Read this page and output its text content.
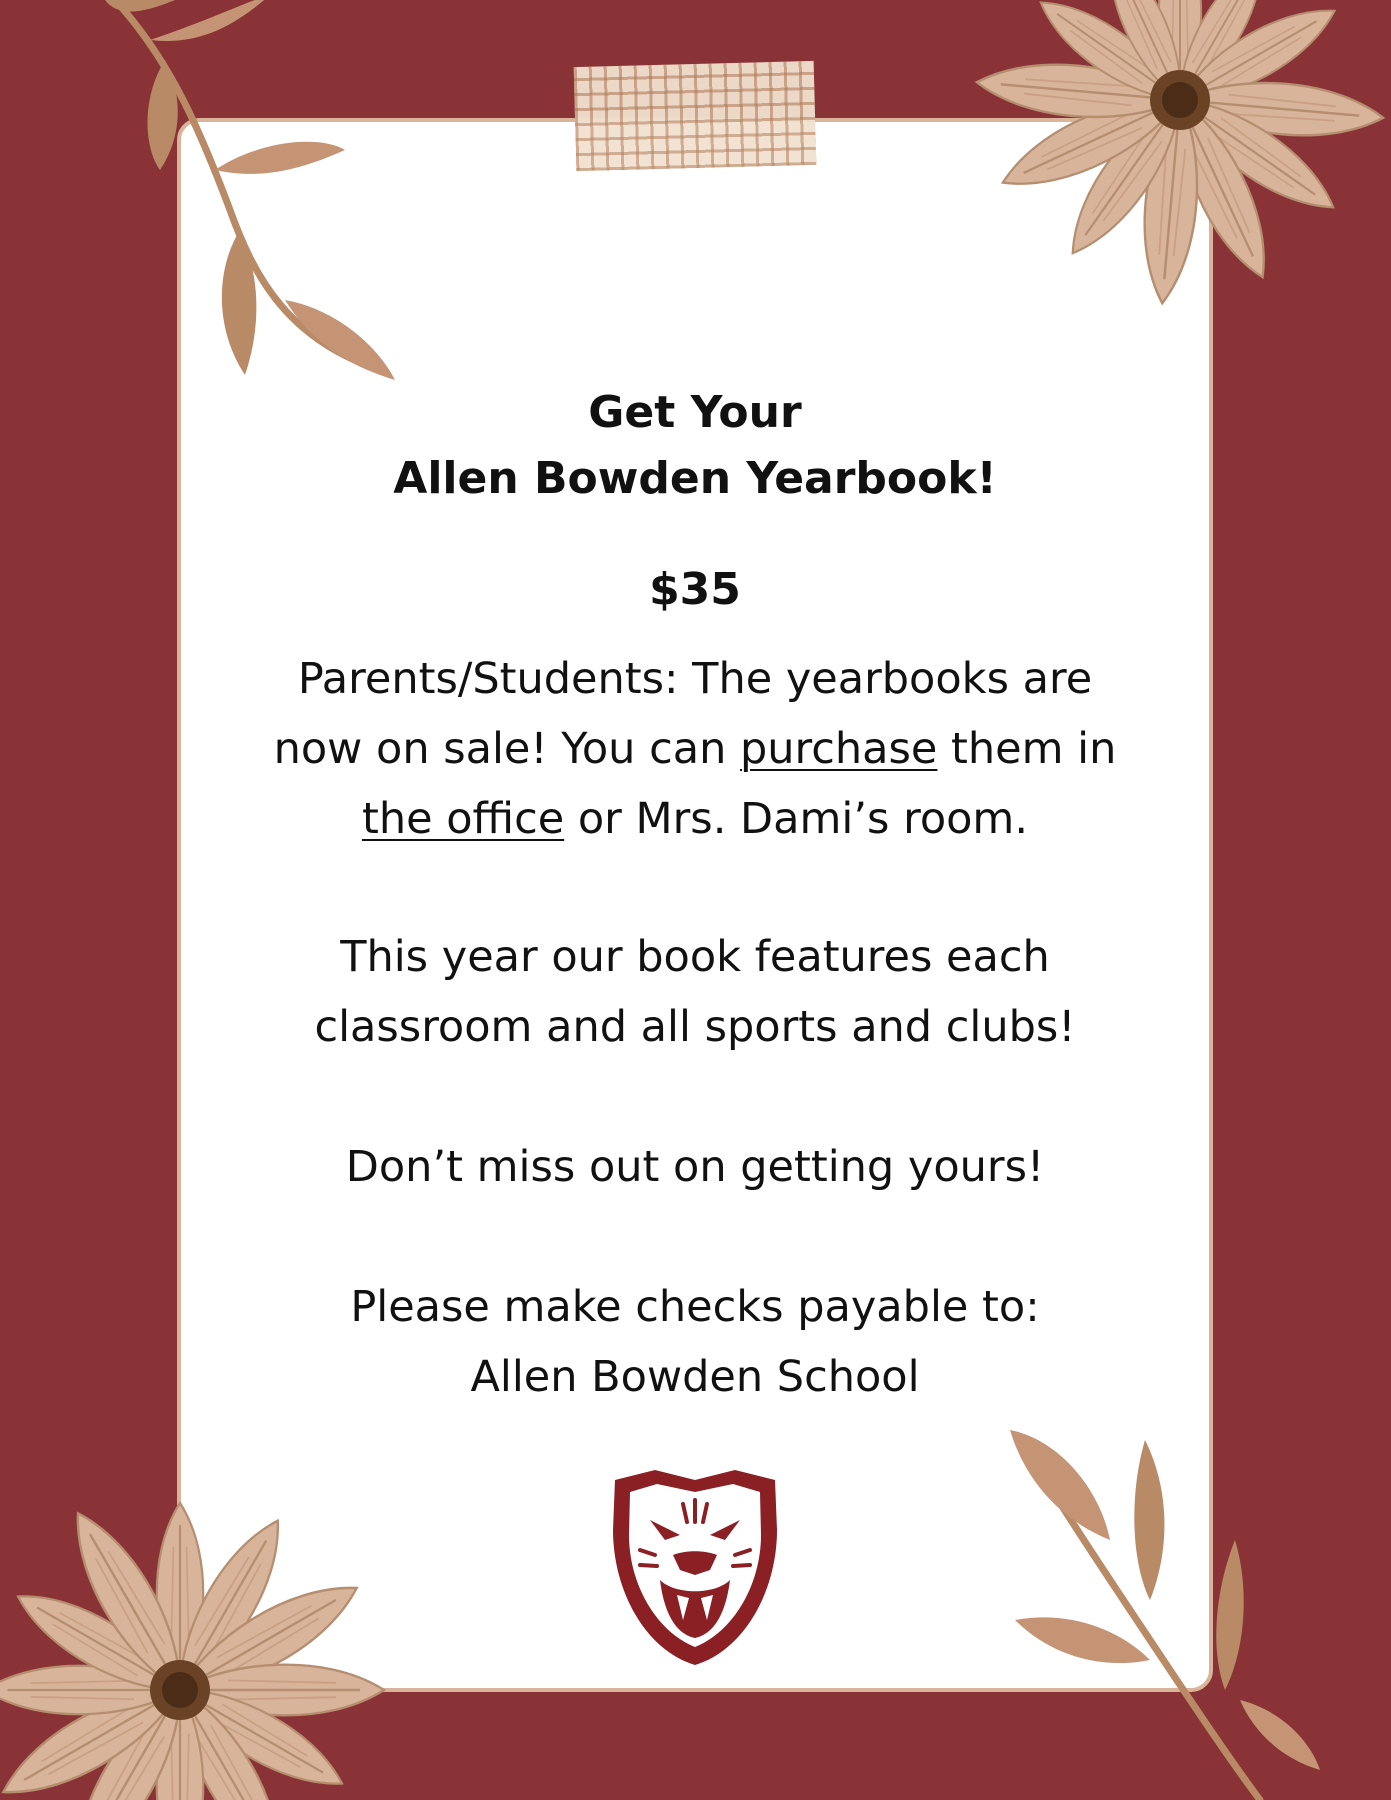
Get Your

Allen Bowden Yearbook!

$35

Parents/Students: The yearbooks are

now on sale! You can purchase them in

the office or Mrs. Dami’s room.

This year our book features each

classroom and all sports and clubs!

Don’t miss out on getting yours!

Please make checks payable to:

Allen Bowden School
